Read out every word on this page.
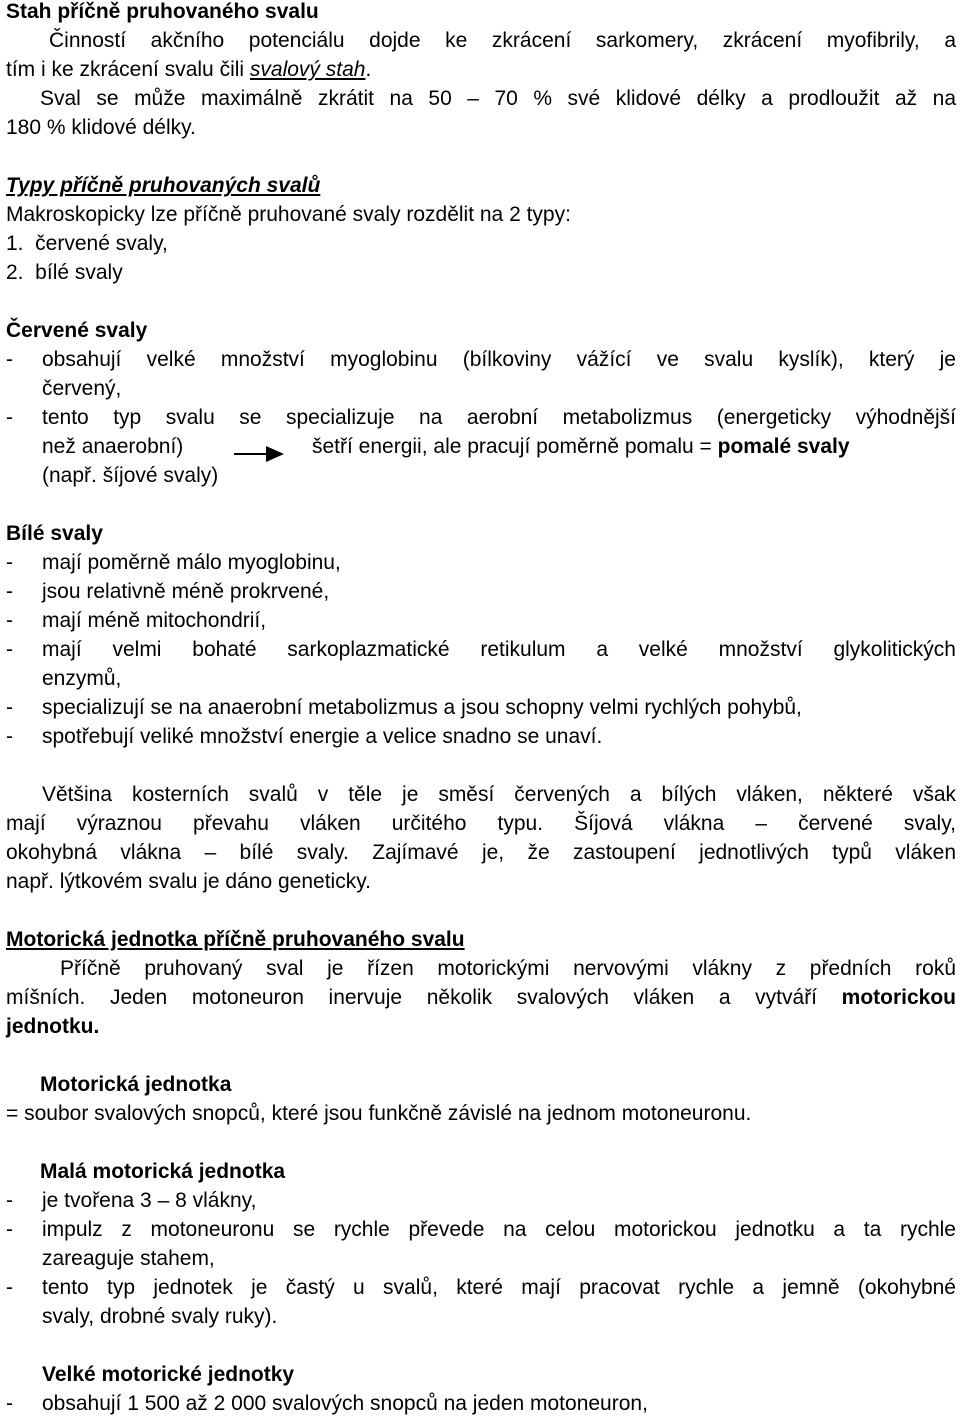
Stah příčně pruhovaného svalu
Činností akčního potenciálu dojde ke zkrácení sarkomery, zkrácení myofibrily, a
tím i ke zkrácení svalu čili svalový stah.
Sval se může maximálně zkrátit na 50 – 70 % své klidové délky a prodloužit až na
180 % klidové délky.
Typy příčně pruhovaných svalů
Makroskopicky lze příčně pruhované svaly rozdělit na 2 typy:
1.  červené svaly,
2.  bílé svaly
Červené svaly
- obsahují velké množství myoglobinu (bílkoviny vážící ve svalu kyslík), který je
červený,
- tento typ svalu se specializuje na aerobní metabolizmus (energeticky výhodnější
než anaerobní)	šetří energii, ale pracují poměrně pomalu = pomalé svaly
(např. šíjové svaly)
Bílé svaly
- mají poměrně málo myoglobinu,
- jsou relativně méně prokrvené,
- mají méně mitochondrií,
- mají velmi bohaté sarkoplazmatické retikulum a velké množství glykolitických
enzymů,
- specializují se na anaerobní metabolizmus a jsou schopny velmi rychlých pohybů,
- spotřebují veliké množství energie a velice snadno se unaví.
Většina kosterních svalů v těle je směsí červených a bílých vláken, některé však
mají výraznou převahu vláken určitého typu. Šíjová vlákna – červené svaly,
okohybná vlákna – bílé svaly. Zajímavé je, že zastoupení jednotlivých typů vláken
např. lýtkovém svalu je dáno geneticky.
Motorická jednotka příčně pruhovaného svalu
Příčně pruhovaný sval je řízen motorickými nervovými vlákny z předních roků
míšních. Jeden motoneuron inervuje několik svalových vláken a vytváří motorickou
jednotku.
Motorická jednotka
= soubor svalových snopců, které jsou funkčně závislé na jednom motoneuronu.
Malá motorická jednotka
- je tvořena 3 – 8 vlákny,
- impulz z motoneuronu se rychle převede na celou motorickou jednotku a ta rychle
zareaguje stahem,
- tento typ jednotek je častý u svalů, které mají pracovat rychle a jemně (okohybné
svaly, drobné svaly ruky).
Velké motorické jednotky
- obsahují 1 500 až 2 000 svalových snopců na jeden motoneuron,
